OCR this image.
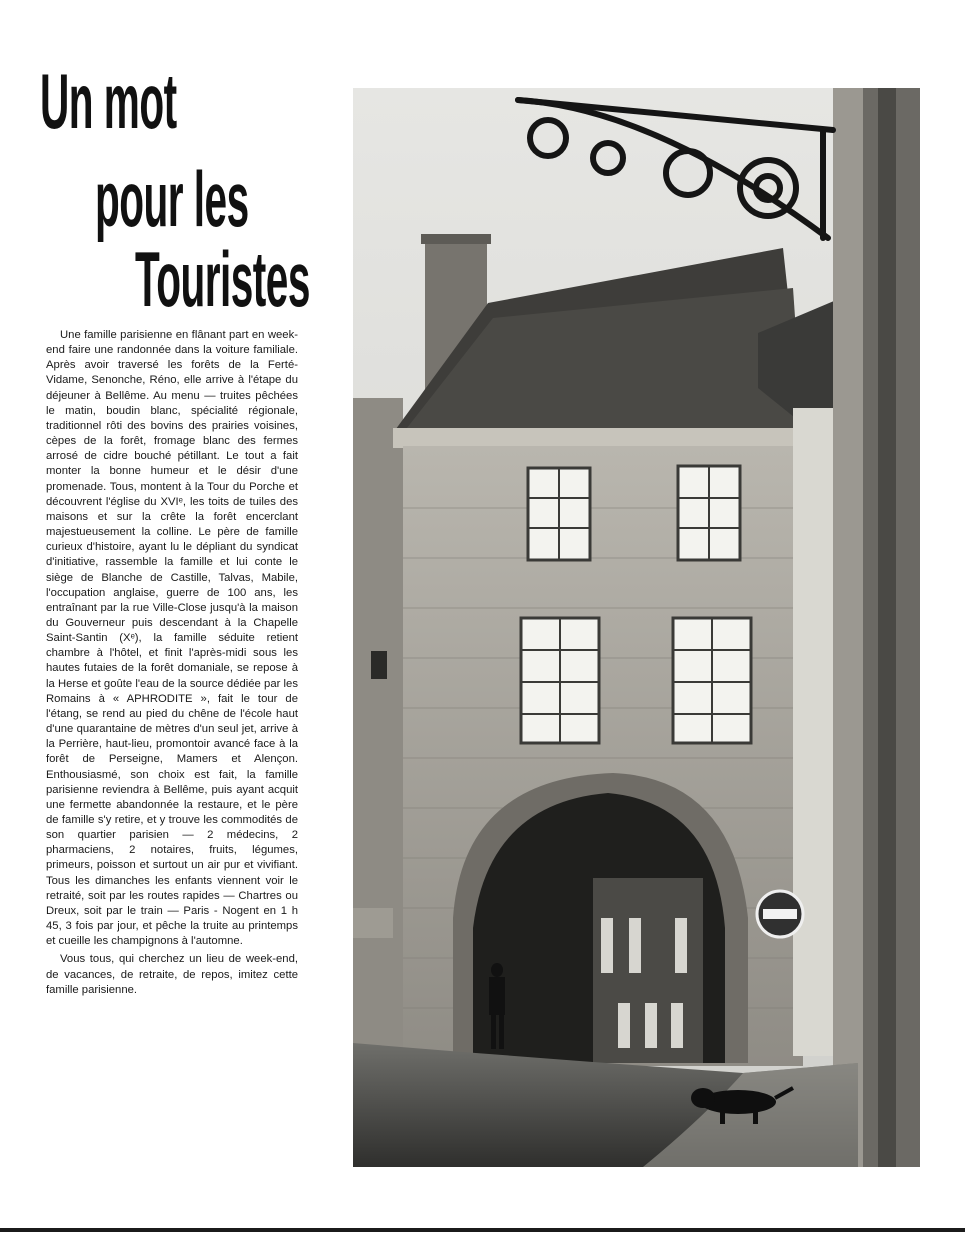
Un mot
pour les
Touristes

Une famille parisienne en flânant part en week-end faire une randonnée dans la voiture familiale. Après avoir traversé les forêts de la Ferté-Vidame, Senonche, Réno, elle arrive à l'étape du déjeuner à Bellême. Au menu — truites pêchées le matin, boudin blanc, spécialité régionale, traditionnel rôti des bovins des prairies voisines, cèpes de la forêt, fromage blanc des fermes arrosé de cidre bouché pétillant. Le tout a fait monter la bonne humeur et le désir d'une promenade. Tous, montent à la Tour du Porche et découvrent l'église du XVIᵉ, les toits de tuiles des maisons et sur la crête la forêt encerclant majestueusement la colline. Le père de famille curieux d'histoire, ayant lu le dépliant du syndicat d'initiative, rassemble la famille et lui conte le siège de Blanche de Castille, Talvas, Mabile, l'occupation anglaise, guerre de 100 ans, les entraînant par la rue Ville-Close jusqu'à la maison du Gouverneur puis descendant à la Chapelle Saint-Santin (Xᵉ), la famille séduite retient chambre à l'hôtel, et finit l'après-midi sous les hautes futaies de la forêt domaniale, se repose à la Herse et goûte l'eau de la source dédiée par les Romains à « APHRODITE », fait le tour de l'étang, se rend au pied du chêne de l'école haut d'une quarantaine de mètres d'un seul jet, arrive à la Perrière, haut-lieu, promontoir avancé face à la forêt de Perseigne, Mamers et Alençon. Enthousiasmé, son choix est fait, la famille parisienne reviendra à Bellême, puis ayant acquit une fermette abandonnée la restaure, et le père de famille s'y retire, et y trouve les commodités de son quartier parisien — 2 médecins, 2 pharmaciens, 2 notaires, fruits, légumes, primeurs, poisson et surtout un air pur et vivifiant. Tous les dimanches les enfants viennent voir le retraité, soit par les routes rapides — Chartres ou Dreux, soit par le train — Paris - Nogent en 1 h 45, 3 fois par jour, et pêche la truite au printemps et cueille les champignons à l'automne.

Vous tous, qui cherchez un lieu de week-end, de vacances, de retraite, de repos, imitez cette famille parisienne.
